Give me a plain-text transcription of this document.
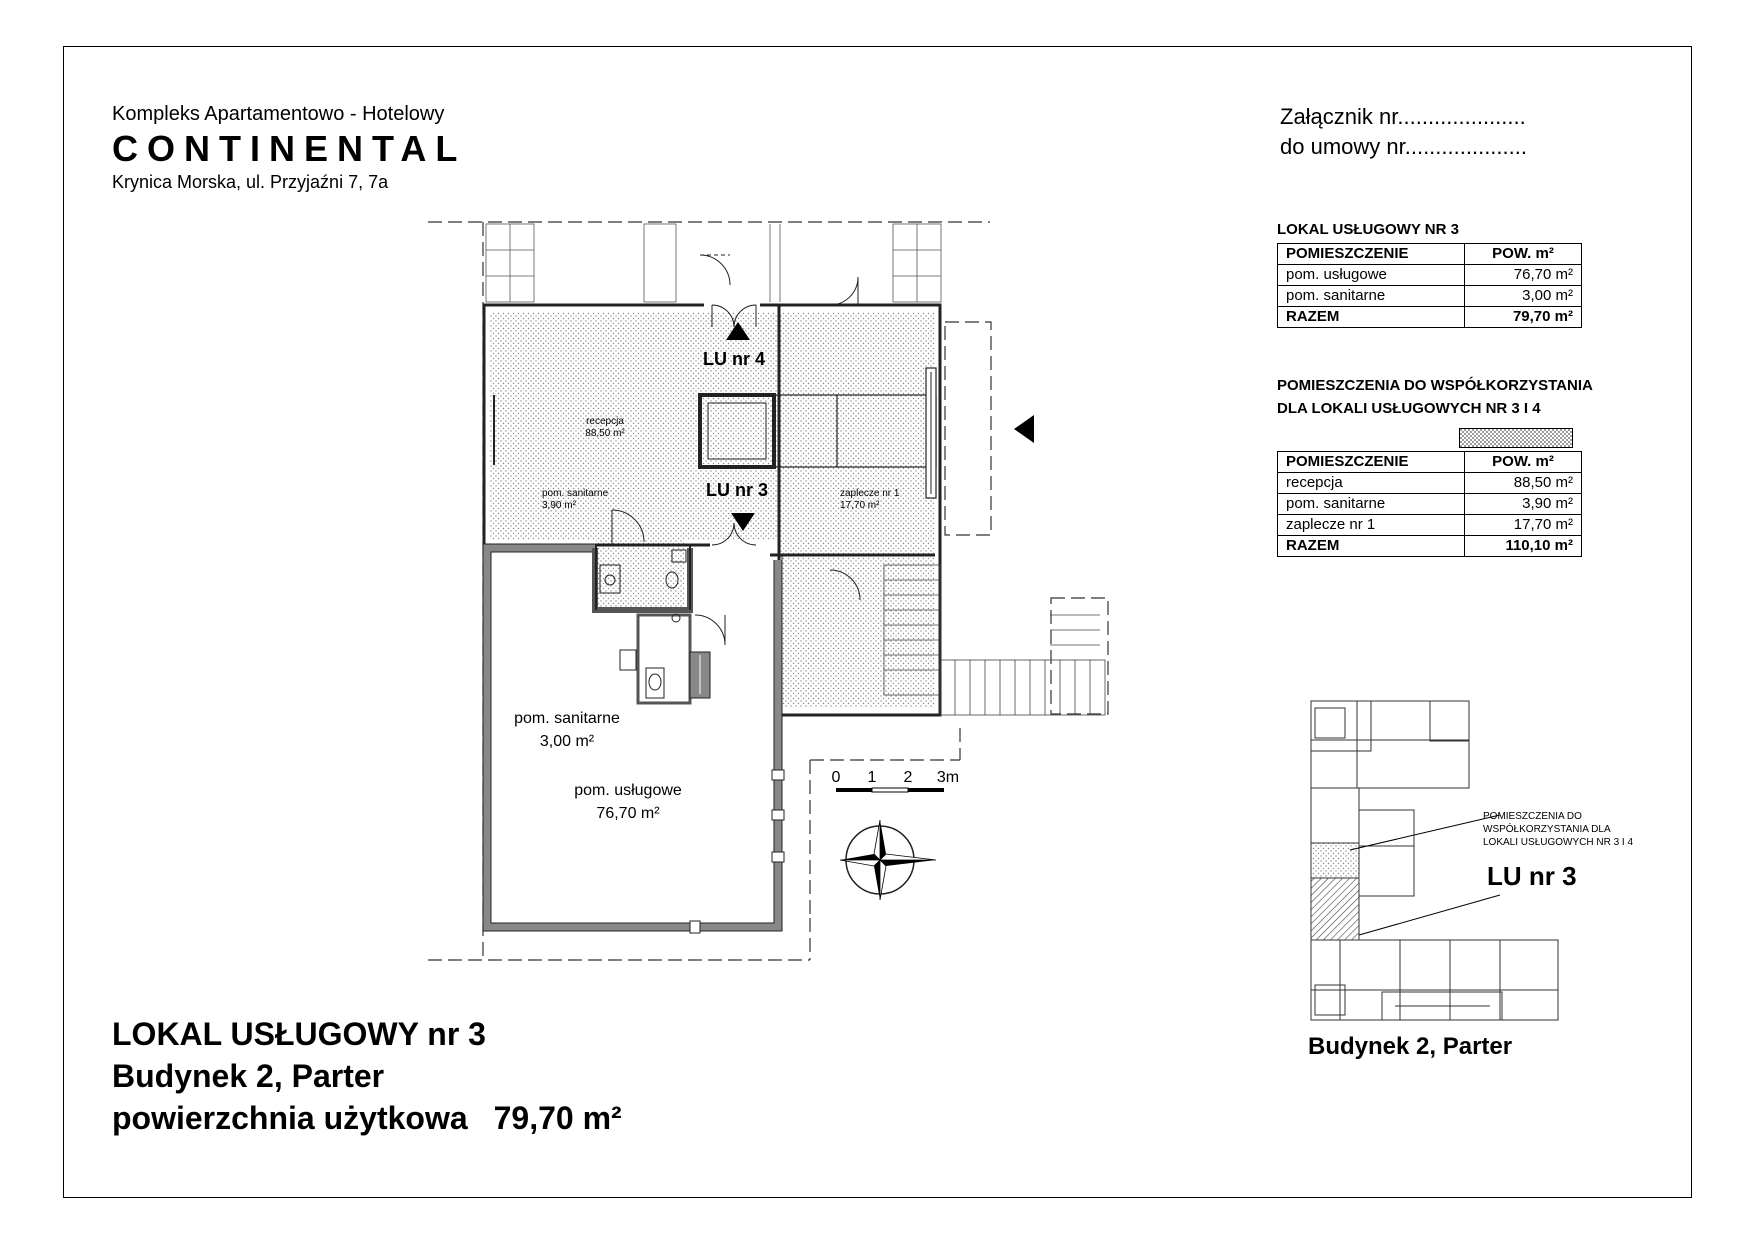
Kompleks Apartamentowo - Hotelowy
CONTINENTAL
Krynica Morska, ul. Przyjaźni 7, 7a
Załącznik nr.....................
do umowy nr....................
LOKAL USŁUGOWY NR 3
POMIESZCZENIE	POW. m²
pom. usługowe	76,70 m²
pom. sanitarne	3,00 m²
RAZEM	79,70 m²
POMIESZCZENIA DO WSPÓŁKORZYSTANIA
DLA LOKALI USŁUGOWYCH NR 3 I 4
POMIESZCZENIE	POW. m²
recepcja	88,50 m²
pom. sanitarne	3,90 m²
zaplecze nr 1	17,70 m²
RAZEM	110,10 m²
LU nr 4
LU nr 3
recepcja
88,50 m²
pom. sanitarne
3,90 m²
zaplecze nr 1
17,70 m²
pom. sanitarne
3,00 m²
pom. usługowe
76,70 m²
0 1 2 3m
POMIESZCZENIA DO
WSPÓŁKORZYSTANIA DLA
LOKALI USŁUGOWYCH NR 3 I 4
LU nr 3
Budynek 2, Parter
LOKAL USŁUGOWY nr 3
Budynek 2, Parter
powierzchnia użytkowa 79,70 m²
